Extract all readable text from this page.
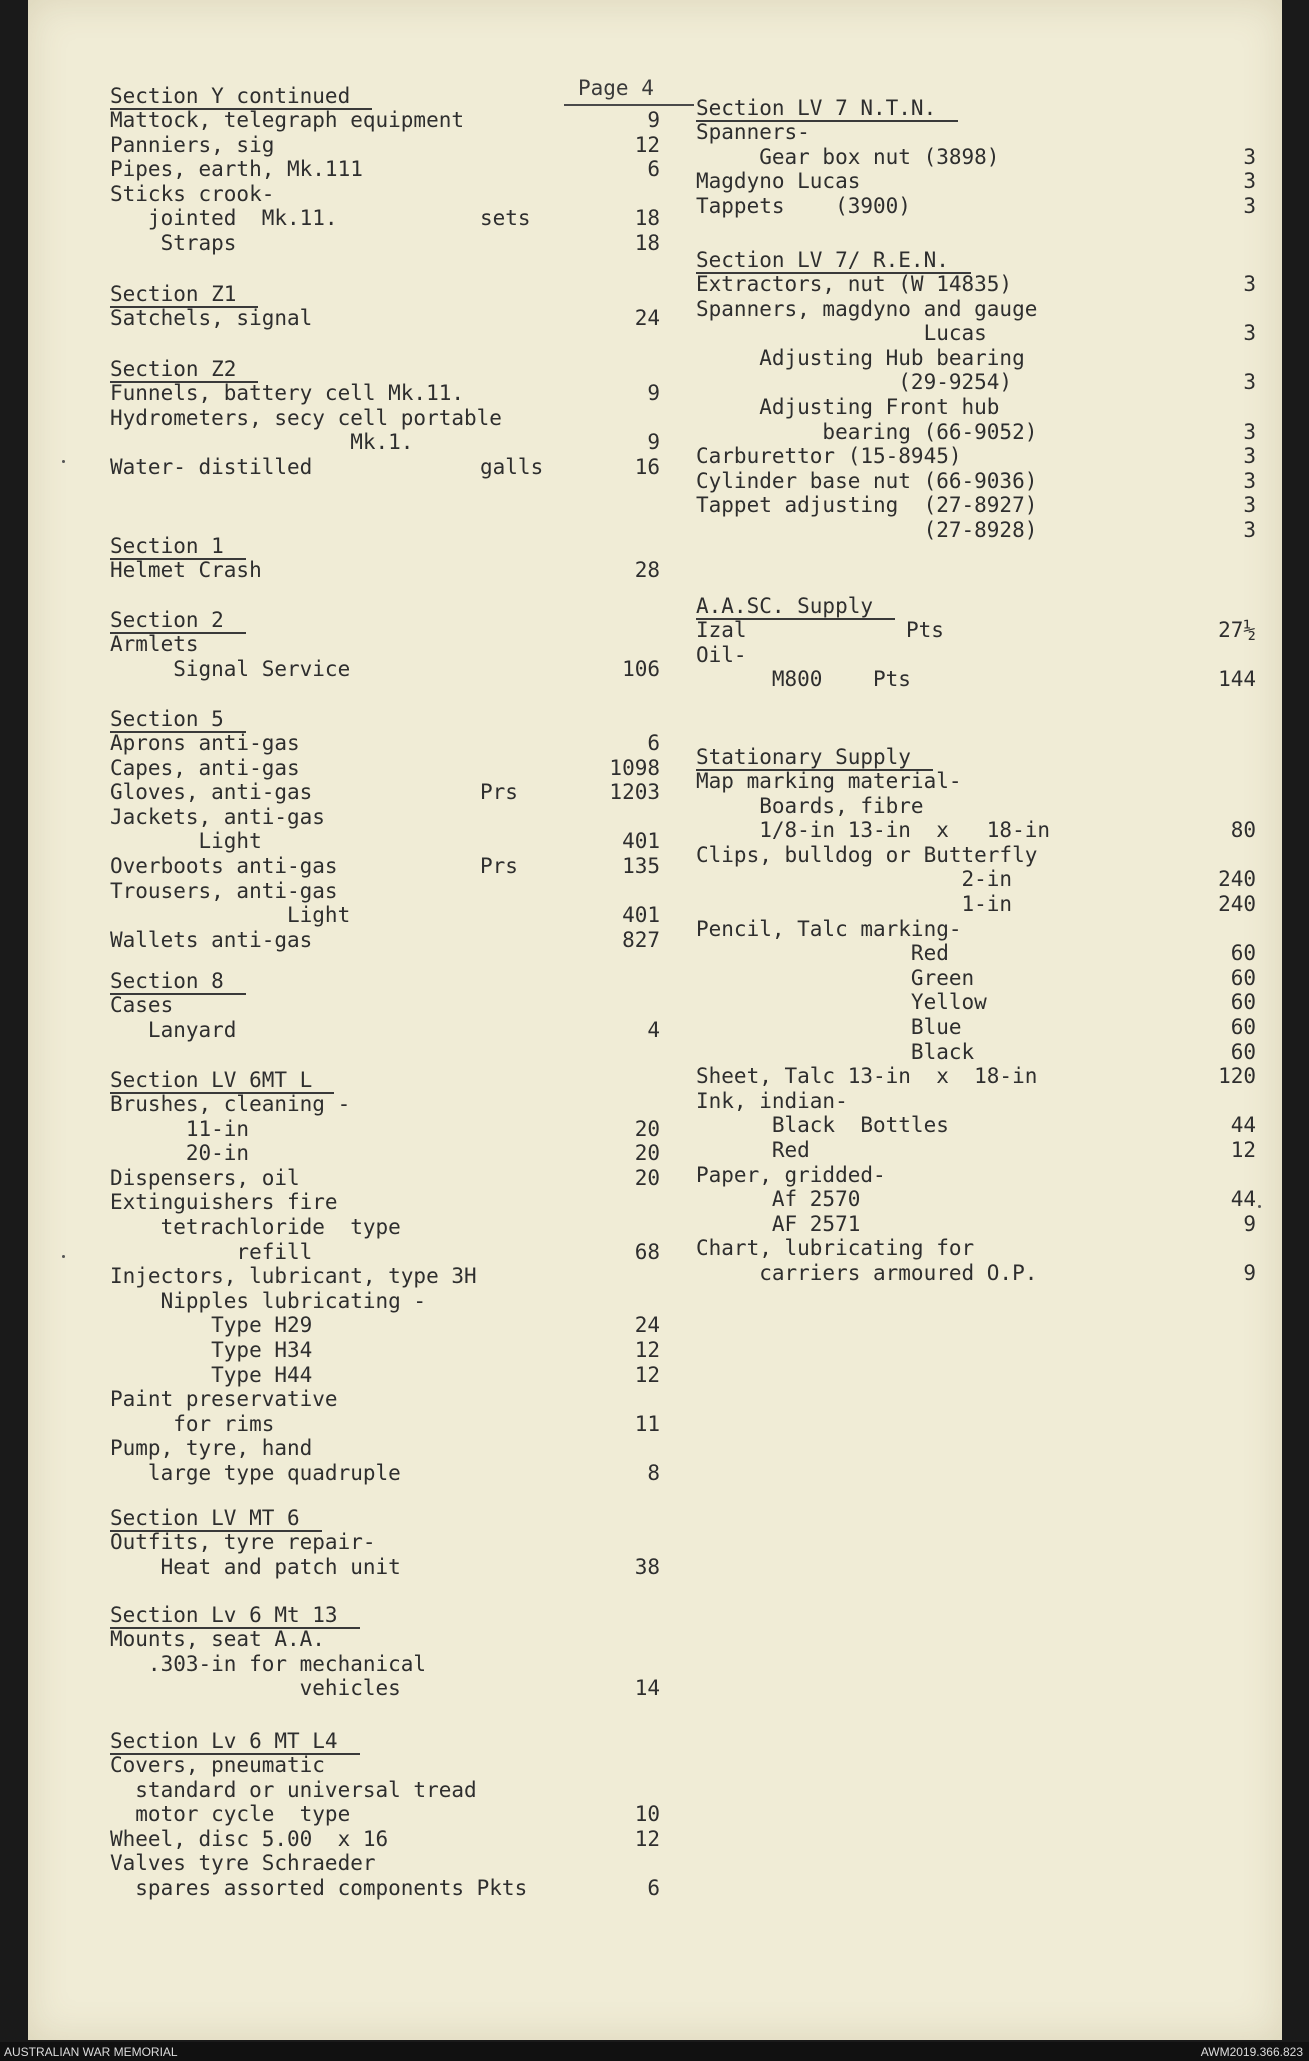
Page 4
Section Y continued
Mattock, telegraph equipment	9
Panniers, sig	12
Pipes, earth, Mk.111	6
Sticks crook-
jointed  Mk.11.	sets	18
Straps	18
Section Z1
Satchels, signal	24
Section Z2
Funnels, battery cell Mk.11.	9
Hydrometers, secy cell portable
Mk.1.	9
Water- distilled	galls	16
Section 1
Helmet Crash	28
Section 2
Armlets
Signal Service	106
Section 5
Aprons anti-gas	6
Capes, anti-gas	1098
Gloves, anti-gas	Prs	1203
Jackets, anti-gas
Light	401
Overboots anti-gas	Prs	135
Trousers, anti-gas
Light	401
Wallets anti-gas	827
Section 8
Cases
Lanyard	4
Section LV 6MT L
Brushes, cleaning -
11-in	20
20-in	20
Dispensers, oil	20
Extinguishers fire
tetrachloride  type
refill	68
Injectors, lubricant, type 3H
Nipples lubricating -
Type H29	24
Type H34	12
Type H44	12
Paint preservative
for rims	11
Pump, tyre, hand
large type quadruple	8
Section LV MT 6
Outfits, tyre repair-
Heat and patch unit	38
Section Lv 6 Mt 13
Mounts, seat A.A.
.303-in for mechanical
vehicles	14
Section Lv 6 MT L4
Covers, pneumatic
standard or universal tread
motor cycle  type	10
Wheel, disc 5.00  x 16	12
Valves tyre Schraeder
spares assorted components Pkts	6
Section LV 7 N.T.N.
Spanners-
Gear box nut (3898)	3
Magdyno Lucas	3
Tappets    (3900)	3
Section LV 7/ R.E.N.
Extractors, nut (W 14835)	3
Spanners, magdyno and gauge
Lucas	3
Adjusting Hub bearing
(29-9254)	3
Adjusting Front hub
bearing (66-9052)	3
Carburettor (15-8945)	3
Cylinder base nut (66-9036)	3
Tappet adjusting  (27-8927)	3
(27-8928)	3
A.A.SC. Supply
Izal	Pts	27½
Oil-
M800    Pts	144
Stationary Supply
Map marking material-
Boards, fibre
1/8-in 13-in  x   18-in	80
Clips, bulldog or Butterfly
2-in	240
1-in	240
Pencil, Talc marking-
Red	60
Green	60
Yellow	60
Blue	60
Black	60
Sheet, Talc 13-in  x  18-in	120
Ink, indian-
Black  Bottles	44
Red	12
Paper, gridded-
Af 2570	44
AF 2571	9
Chart, lubricating for
carriers armoured O.P.	9
AUSTRALIAN WAR MEMORIAL	AWM2019.366.823
